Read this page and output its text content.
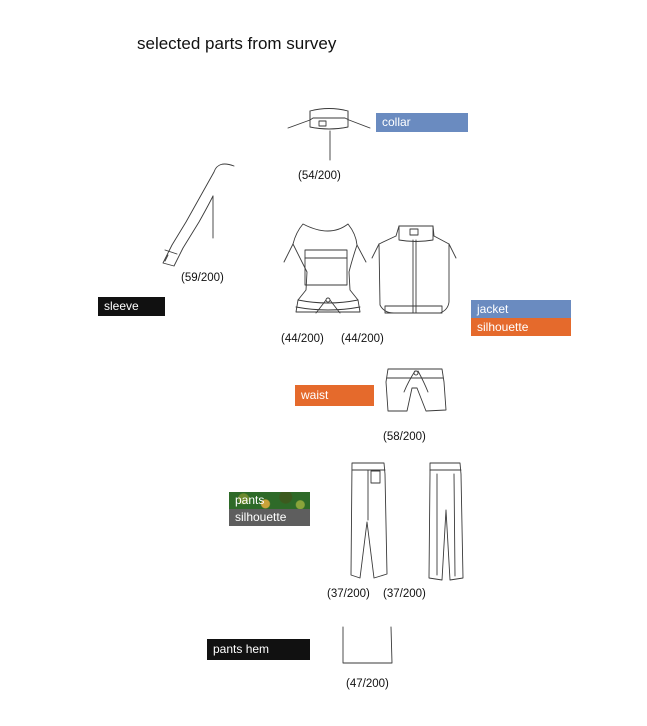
selected parts from survey
(54/200)
(59/200)
(44/200) (44/200)
(58/200)
(37/200) (37/200)
(47/200)
collar
sleeve	jacket
silhouette
waist
pants
silhouette
pants hem
